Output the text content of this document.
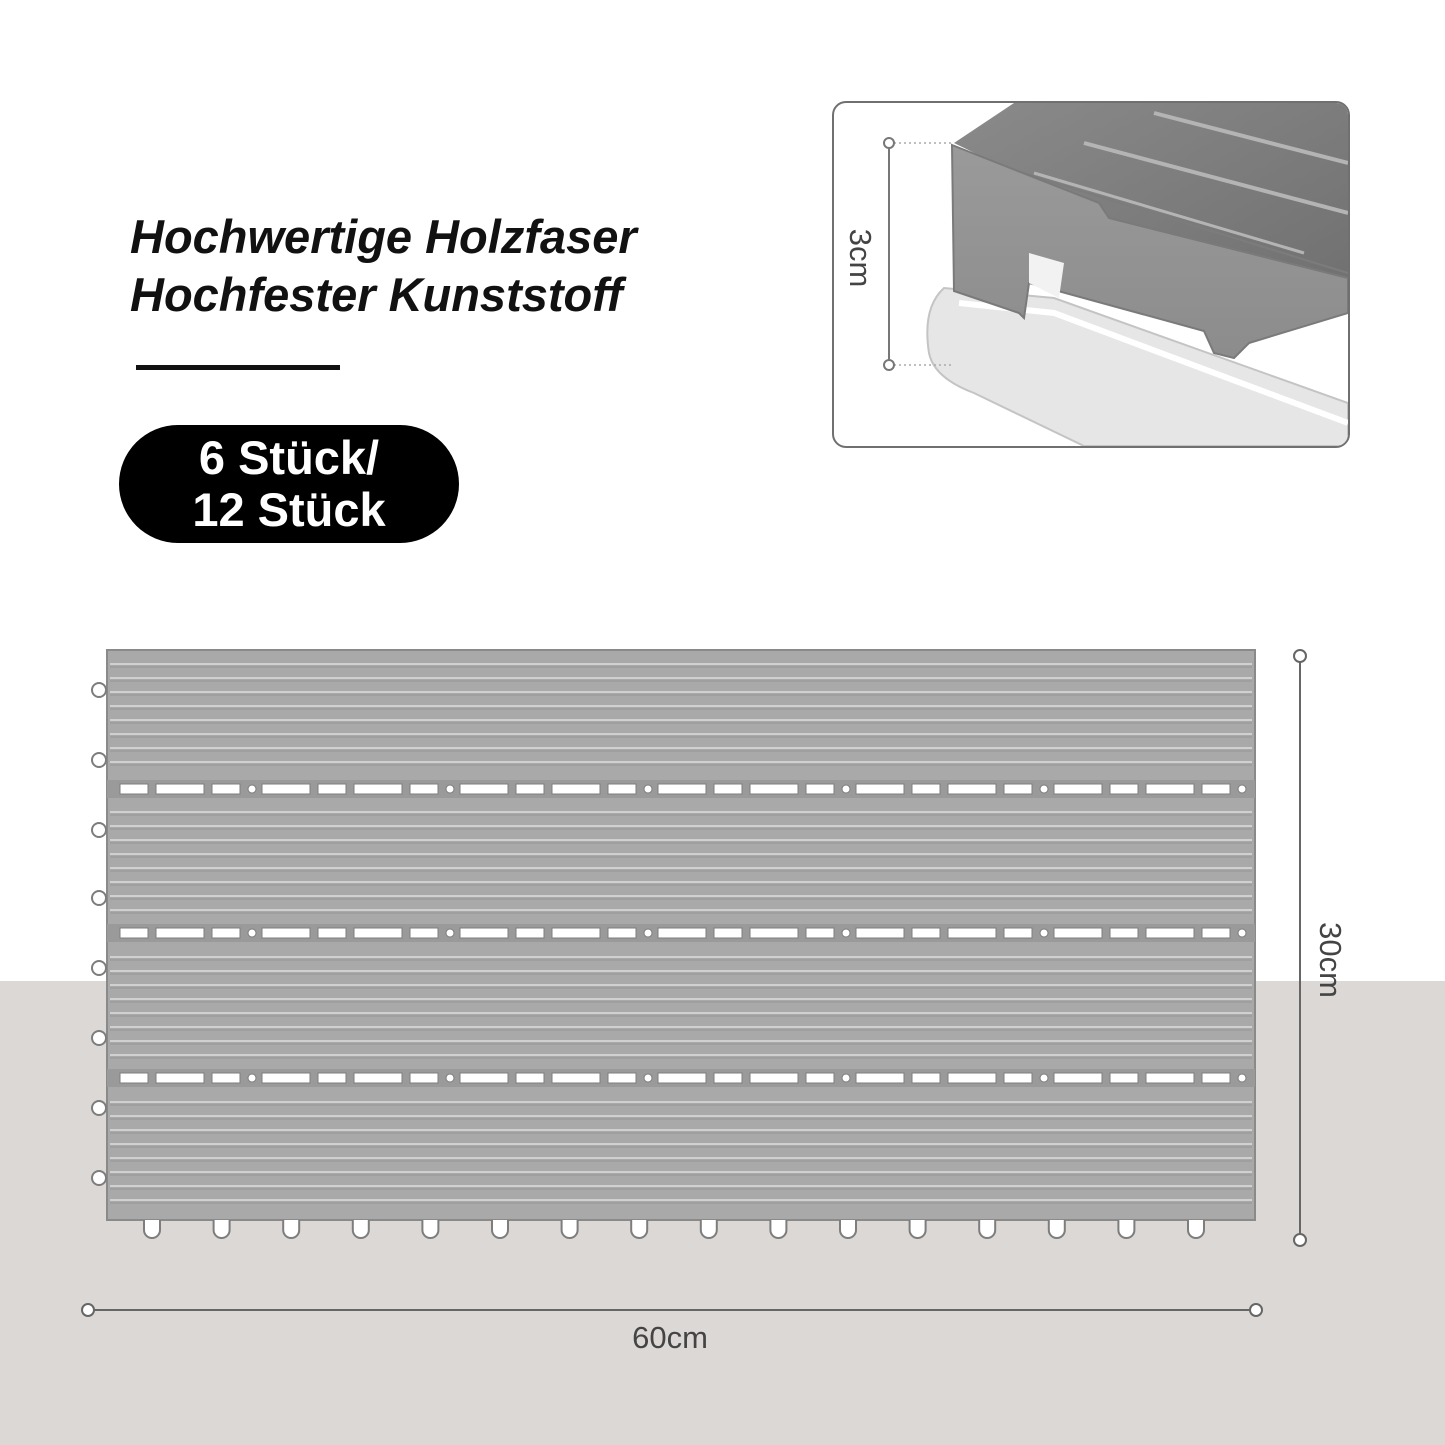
Hochwertige Holzfaser
Hochfester Kunststoff
6 Stück/
12 Stück
3cm
30cm
60cm
